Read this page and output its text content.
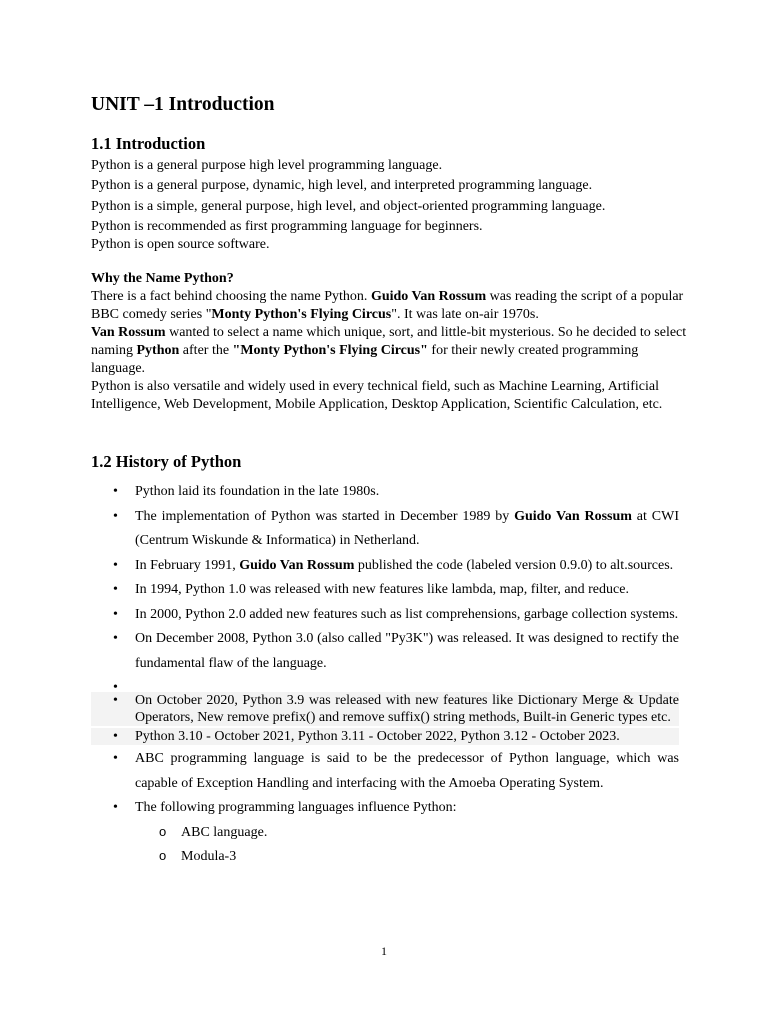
UNIT –1 Introduction
1.1 Introduction

Python is a general purpose high level programming language.

Python is a general purpose, dynamic, high level, and interpreted programming language.

Python is a simple, general purpose, high level, and object-oriented programming language.

Python is recommended as first programming language for beginners.

Python is open source software.

Why the Name Python?
There is a fact behind choosing the name Python. Guido Van Rossum was reading the script of a popular BBC comedy series "Monty Python's Flying Circus". It was late on-air 1970s.
Van Rossum wanted to select a name which unique, sort, and little-bit mysterious. So he decided to select naming Python after the "Monty Python's Flying Circus" for their newly created programming language.
Python is also versatile and widely used in every technical field, such as Machine Learning, Artificial Intelligence, Web Development, Mobile Application, Desktop Application, Scientific Calculation, etc.
1.2 History of Python
• Python laid its foundation in the late 1980s.
• The implementation of Python was started in December 1989 by Guido Van Rossum at CWI (Centrum Wiskunde & Informatica) in Netherland.
• In February 1991, Guido Van Rossum published the code (labeled version 0.9.0) to alt.sources.
• In 1994, Python 1.0 was released with new features like lambda, map, filter, and reduce.
• In 2000, Python 2.0 added new features such as list comprehensions, garbage collection systems.
• On December 2008, Python 3.0 (also called "Py3K") was released. It was designed to rectify the fundamental flaw of the language.
•
• On October 2020, Python 3.9 was released with new features like Dictionary Merge & Update Operators, New remove prefix() and remove suffix() string methods, Built-in Generic types etc.
• Python 3.10 - October 2021, Python 3.11 - October 2022, Python 3.12 - October 2023.
• ABC programming language is said to be the predecessor of Python language, which was capable of Exception Handling and interfacing with the Amoeba Operating System.
• The following programming languages influence Python:
o ABC language.
o Modula-3
1
